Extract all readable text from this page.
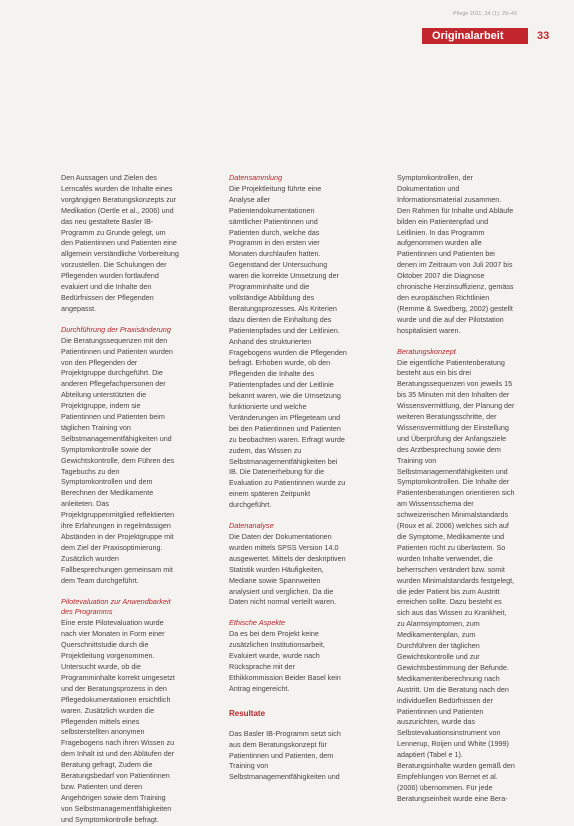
Pflege 2011; 24 (1): 29–43
Originalarbeit	33

Den Aussagen und Zielen des Lerncafés wurden die Inhalte eines vorgängigen Beratungskonzepts zur Medikation (Oertle et al., 2006) und das neu gestaltete Basler IB-Programm zu Grunde gelegt, um den Patientinnen und Patienten eine allgemein verständliche Vorbereitung vorzustellen. Die Schulungen der Pflegenden wurden fortlaufend evaluiert und die Inhalte den Bedürfnissen der Pflegenden angepasst.

Durchführung der Praxisänderung

Die Beratungssequenzen mit den Patientinnen und Patienten wurden von den Pflegenden der Projektgruppe durchgeführt. Die anderen Pflegefachpersonen der Abteilung unterstützten die Projektgruppe, indem sie Patientinnen und Patienten beim täglichen Training von Selbstmanagementfähigkeiten und Symptomkontrolle sowie der Gewichtskontrolle, dem Führen des Tagebuchs zu den Symptomkontrollen und dem Berechnen der Medikamente anleiteten. Das Projektgruppenmitglied reflektierten ihre Erfahrungen in regelmässigen Abständen in der Projektgruppe mit dem Ziel der Praxisoptimierung. Zusätzlich wurden Fallbesprechungen gemeinsam mit dem Team durchgeführt.

Pilotevaluation zur Anwendbarkeit des Programms

Eine erste Pilotevaluation wurde nach vier Monaten in Form einer Querschnittstudie durch die Projektleitung vorgenommen. Untersucht wurde, ob die Programminhalte korrekt umgesetzt und der Beratungsprozess in den Pflegedokumentationen ersichtlich waren. Zusätzlich wurden die Pflegenden mittels eines selbsterstellten anonymen Fragebogens nach ihren Wissen zu dem Inhalt ist und den Abläufen der Beratung gefragt, Zudem die Beratungsbedarf von Patientinnen bzw. Patienten und deren Angehörigen sowie dem Training von Selbstmanagementfähigkeiten und Symptomkontrolle befragt.

Datensammlung

Die Projektleitung führte eine Analyse aller Patientendokumentationen sämtlicher Patientinnen und Patienten durch, welche das Programm in den ersten vier Monaten durchlaufen hatten. Gegenstand der Untersuchung waren die korrekte Umsetzung der Programminhalte und die vollständige Abbildung des Beratungsprozesses. Als Kriterien dazu dienten die Einhaltung des Patientenpfades und der Leitlinien. Anhand des strukturierten Fragebogens wurden die Pflegenden befragt. Erhoben wurde, ob den Pflegenden die Inhalte des Patientenpfades und der Leitlinie bekannt waren, wie die Umsetzung funktionierte und welche Veränderungen im Pflegeteam und bei den Patientinnen und Patienten zu beobachten waren. Erfragt wurde zudem, das Wissen zu Selbstmanagementfähigkeiten bei IB. Die Datenerhebung für die Evaluation zu Patientinnen wurde zu einem späteren Zeitpunkt durchgeführt.

Datenanalyse

Die Daten der Dokumentationen wurden mittels SPSS Version 14.0 ausgewertet. Mittels der deskriptiven Statistik wurden Häufigkeiten, Mediane sowie Spannweiten analysiert und verglichen. Da die Daten nicht normal verteilt waren.

Ethische Aspekte

Da es bei dem Projekt keine zusätzlichen Institutionsarbeit, Evaluiert wurde, wurde nach Rücksprache mit der Ethikkommission Beider Basel kein Antrag eingereicht.

Resultate

Das Basler IB-Programm setzt sich aus dem Beratungskonzept für Patientinnen und Patienten, dem Training von Selbstmanagementfähigkeiten und

Symptomkontrollen, der Dokumentation und Informationsmaterial zusammen. Den Rahmen für Inhalte und Abläufe bilden ein Patientenpfad und Leitlinien. In das Programm aufgenommen wurden alle Patientinnen und Patienten bei denen im Zeitraum von Juli 2007 bis Oktober 2007 die Diagnose chronische Herzinsuffizienz, gemäss den europäischen Richtlinien (Remme & Swedberg, 2002) gestellt wurde und die auf der Pilotstation hospitalisiert waren.

Beratungskonzept

Die eigentliche Patientenberatung besteht aus ein bis drei Beratungssequenzen von jeweils 15 bis 35 Minuten mit den Inhalten der Wissensvermittlung, der Planung der weiteren Beratungsschritte, der Wissensvermittlung der Einstellung und Überprüfung der Anfangsziele des Arztbesprechung sowie dem Training von Selbstmanagementfähigkeiten und Symptomkontrollen. Die Inhalte der Patientenberatungen orientieren sich am Wissensschema der schweizerischen Minimalstandards (Roux et al. 2006) welches sich auf die Symptome, Medikamente und Patienten rücht zu überlastem. So wurden Inhalte verwendet, die beherrschen verändert bzw. somit wurden Minimalstandards festgelegt, die jeder Patient bis zum Austritt erreichen sollte. Dazu besteht es sich aus das Wissen zu Krankheit, zu Alarmsymptomen, zum Medikamentenplan, zum Durchführen der täglichen Gewichtskontrolle und zur Gewichtsbestimmung der Befunde. Medikamentenberechnung nach Austritt. Um die Beratung nach den individuellen Bedürfnissen der Patientinnen und Patienten auszurichten, wurde das Selbstevaluationsinstrument von Lennerup, Roijen und White (1999) adaptiert (Tabel e 1). Beratungsinhalte wurden gemäß den Empfehlungen von Bernet et al. (2006) übernommen. Für jede Beratungseinheit wurde eine Bera-
